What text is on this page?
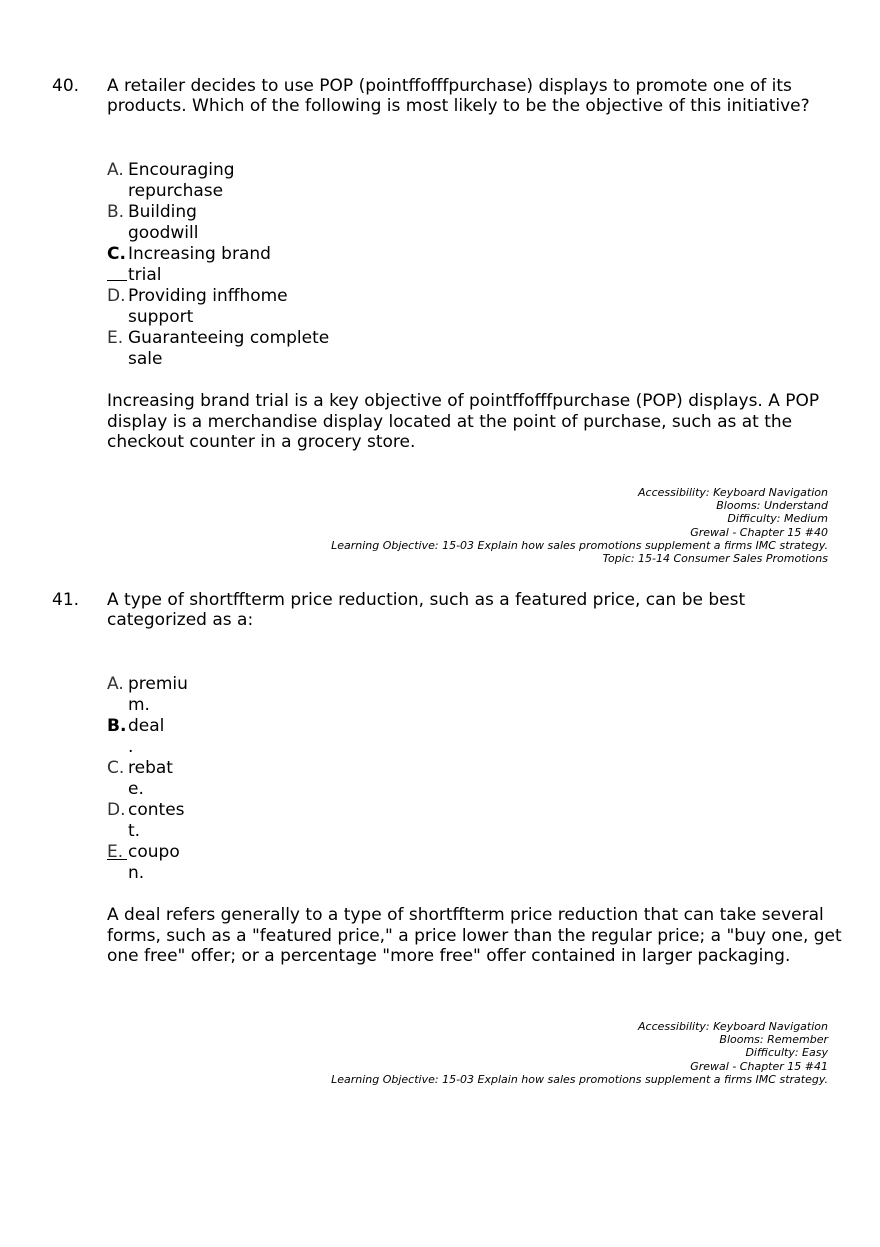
40. A retailer decides to use POP (pointffofffpurchase) displays to promote one of its products. Which of the following is most likely to be the objective of this initiative?
A. Encouraging
repurchase
B. Building
goodwill
C. Increasing brand
trial
D. Providing inffhome
support
E. Guaranteeing complete
sale
Increasing brand trial is a key objective of pointffofffpurchase (POP) displays. A POP display is a merchandise display located at the point of purchase, such as at the checkout counter in a grocery store.
Accessibility: Keyboard Navigation
Blooms: Understand
Difficulty: Medium
Grewal - Chapter 15 #40
Learning Objective: 15-03 Explain how sales promotions supplement a firms IMC strategy.
Topic: 15-14 Consumer Sales Promotions
41. A type of shortffterm price reduction, such as a featured price, can be best categorized as a:
A. premiu
m.
B. deal
.
C. rebat
e.
D. contes
t.
E. coupo
n.
A deal refers generally to a type of shortffterm price reduction that can take several forms, such as a "featured price," a price lower than the regular price; a "buy one, get one free" offer; or a percentage "more free" offer contained in larger packaging.
Accessibility: Keyboard Navigation
Blooms: Remember
Difficulty: Easy
Grewal - Chapter 15 #41
Learning Objective: 15-03 Explain how sales promotions supplement a firms IMC strategy.
